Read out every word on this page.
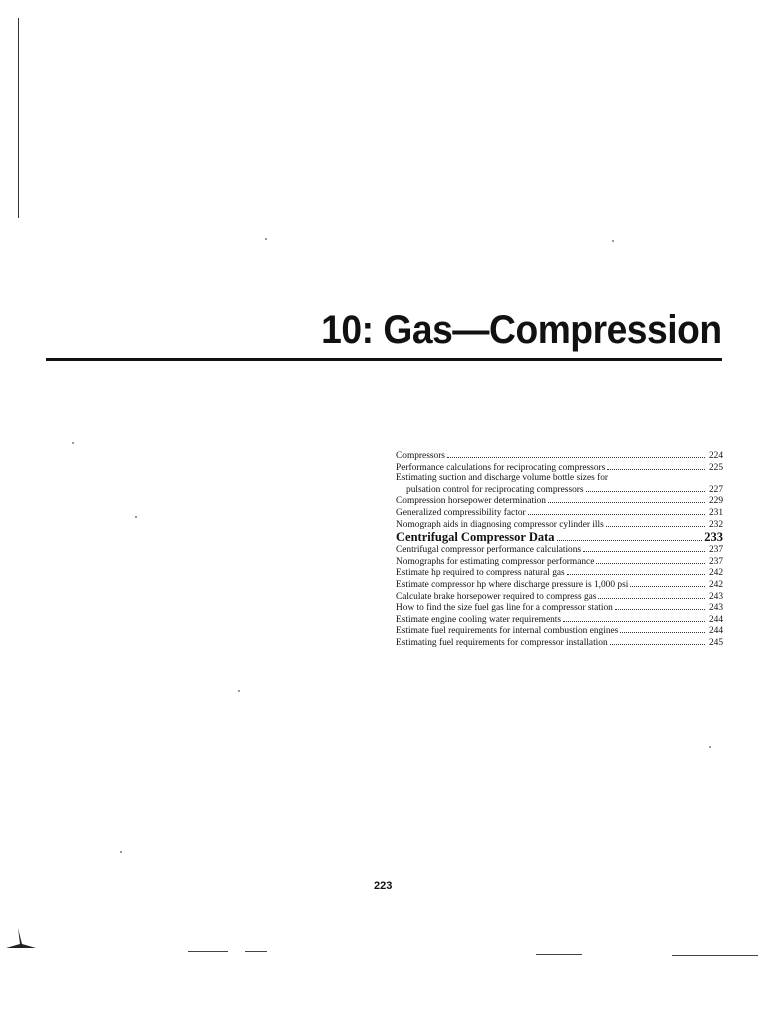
10: Gas—Compression
Compressors	224
Performance calculations for reciprocating compressors	225
Estimating suction and discharge volume bottle sizes for
pulsation control for reciprocating compressors	227
Compression horsepower determination	229
Generalized compressibility factor	231
Nomograph aids in diagnosing compressor cylinder ills	232
Centrifugal Compressor Data	233
Centrifugal compressor performance calculations	237
Nomographs for estimating compressor performance	237
Estimate hp required to compress natural gas	242
Estimate compressor hp where discharge pressure is 1,000 psi	242
Calculate brake horsepower required to compress gas	243
How to find the size fuel gas line for a compressor station	243
Estimate engine cooling water requirements	244
Estimate fuel requirements for internal combustion engines	244
Estimating fuel requirements for compressor installation	245
223
